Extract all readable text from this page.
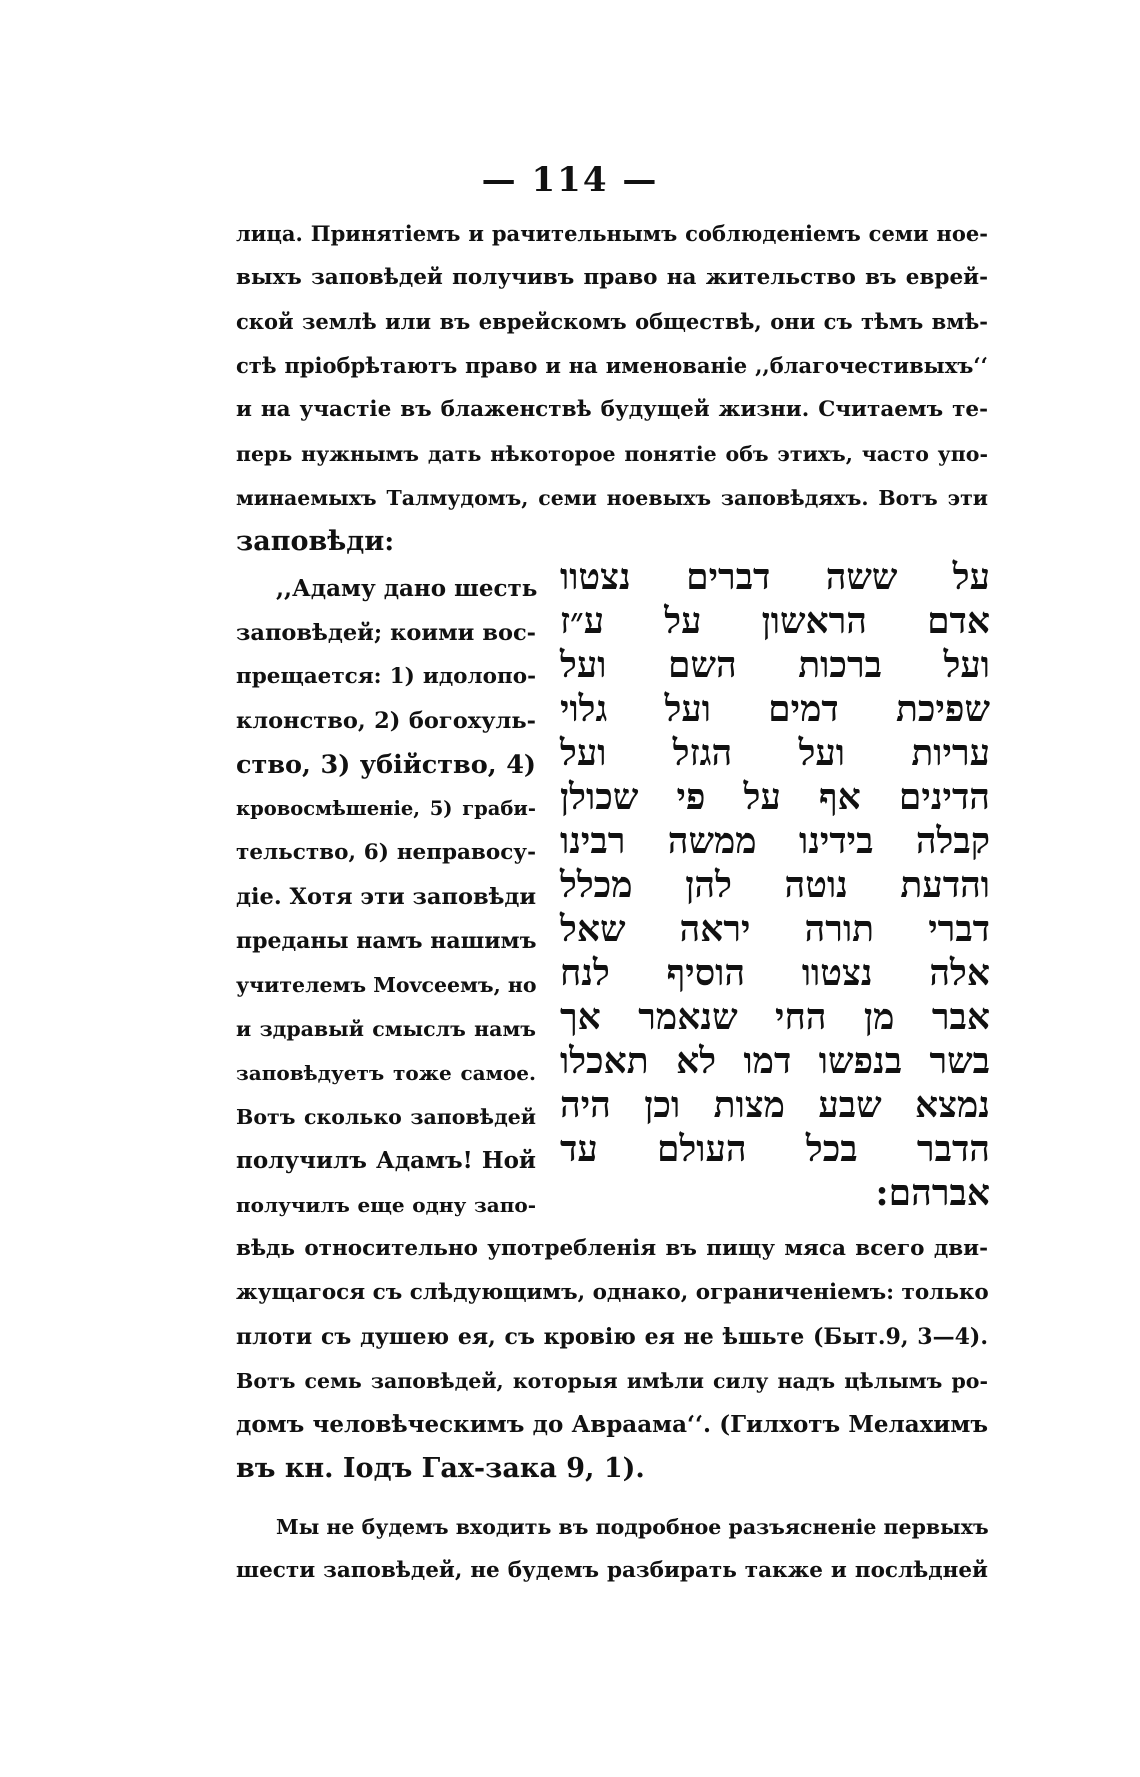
— 114 —
лица. Принятіемъ и рачительнымъ соблюденіемъ семи ное-
выхъ заповѣдей получивъ право на жительство въ еврей-
ской землѣ или въ еврейскомъ обществѣ, они съ тѣмъ вмѣ-
стѣ пріобрѣтаютъ право и на именованіе ,,благочестивыхъ‘‘
и на участіе въ блаженствѣ будущей жизни. Считаемъ те-
перь нужнымъ дать нѣкоторое понятіе объ этихъ, часто упо-
минаемыхъ Талмудомъ, семи ноевыхъ заповѣдяхъ. Вотъ эти
заповѣди:
,,Адаму дано шесть
заповѣдей; коими вос-
прещается: 1) идолопо-
клонство, 2) богохуль-
ство, 3) убійство, 4)
кровосмѣшеніе, 5) граби-
тельство, 6) неправосу-
діе. Хотя эти заповѣди
преданы намъ нашимъ
учителемъ Моvсеемъ, но
и здравый смыслъ намъ
заповѣдуетъ тоже самое.
Вотъ сколько заповѣдей
получилъ Адамъ! Ной
получилъ еще одну запо-
על ששה דברים נצטוו
אדם הראשון על ע״ז
ועל ברכות השם ועל
שפיכת דמים ועל גלוי
עריות ועל הגזל ועל
הדינים אף על פי שכולן
קבלה בידינו ממשה רבינו
והדעת נוטה להן מכלל
דברי תורה יראה שאל
אלה נצטוו הוסיף לנח
אבר מן החי שנאמר אך
בשר בנפשו דמו לא תאכלו
נמצא שבע מצות וכן היה
הדבר בכל העולם עד
אברהם:
вѣдь относительно употребленія въ пищу мяса всего дви-
жущагося съ слѣдующимъ, однако, ограниченіемъ: только
плоти съ душею ея, съ кровію ея не ѣшьте (Быт.9, 3—4).
Вотъ семь заповѣдей, которыя имѣли силу надъ цѣлымъ ро-
домъ человѣческимъ до Авраама‘‘. (Гилхотъ Мелахимъ
въ кн. Іодъ Гах-зака 9, 1).
Мы не будемъ входить въ подробное разъясненіе первыхъ
шести заповѣдей, не будемъ разбирать также и послѣдней
